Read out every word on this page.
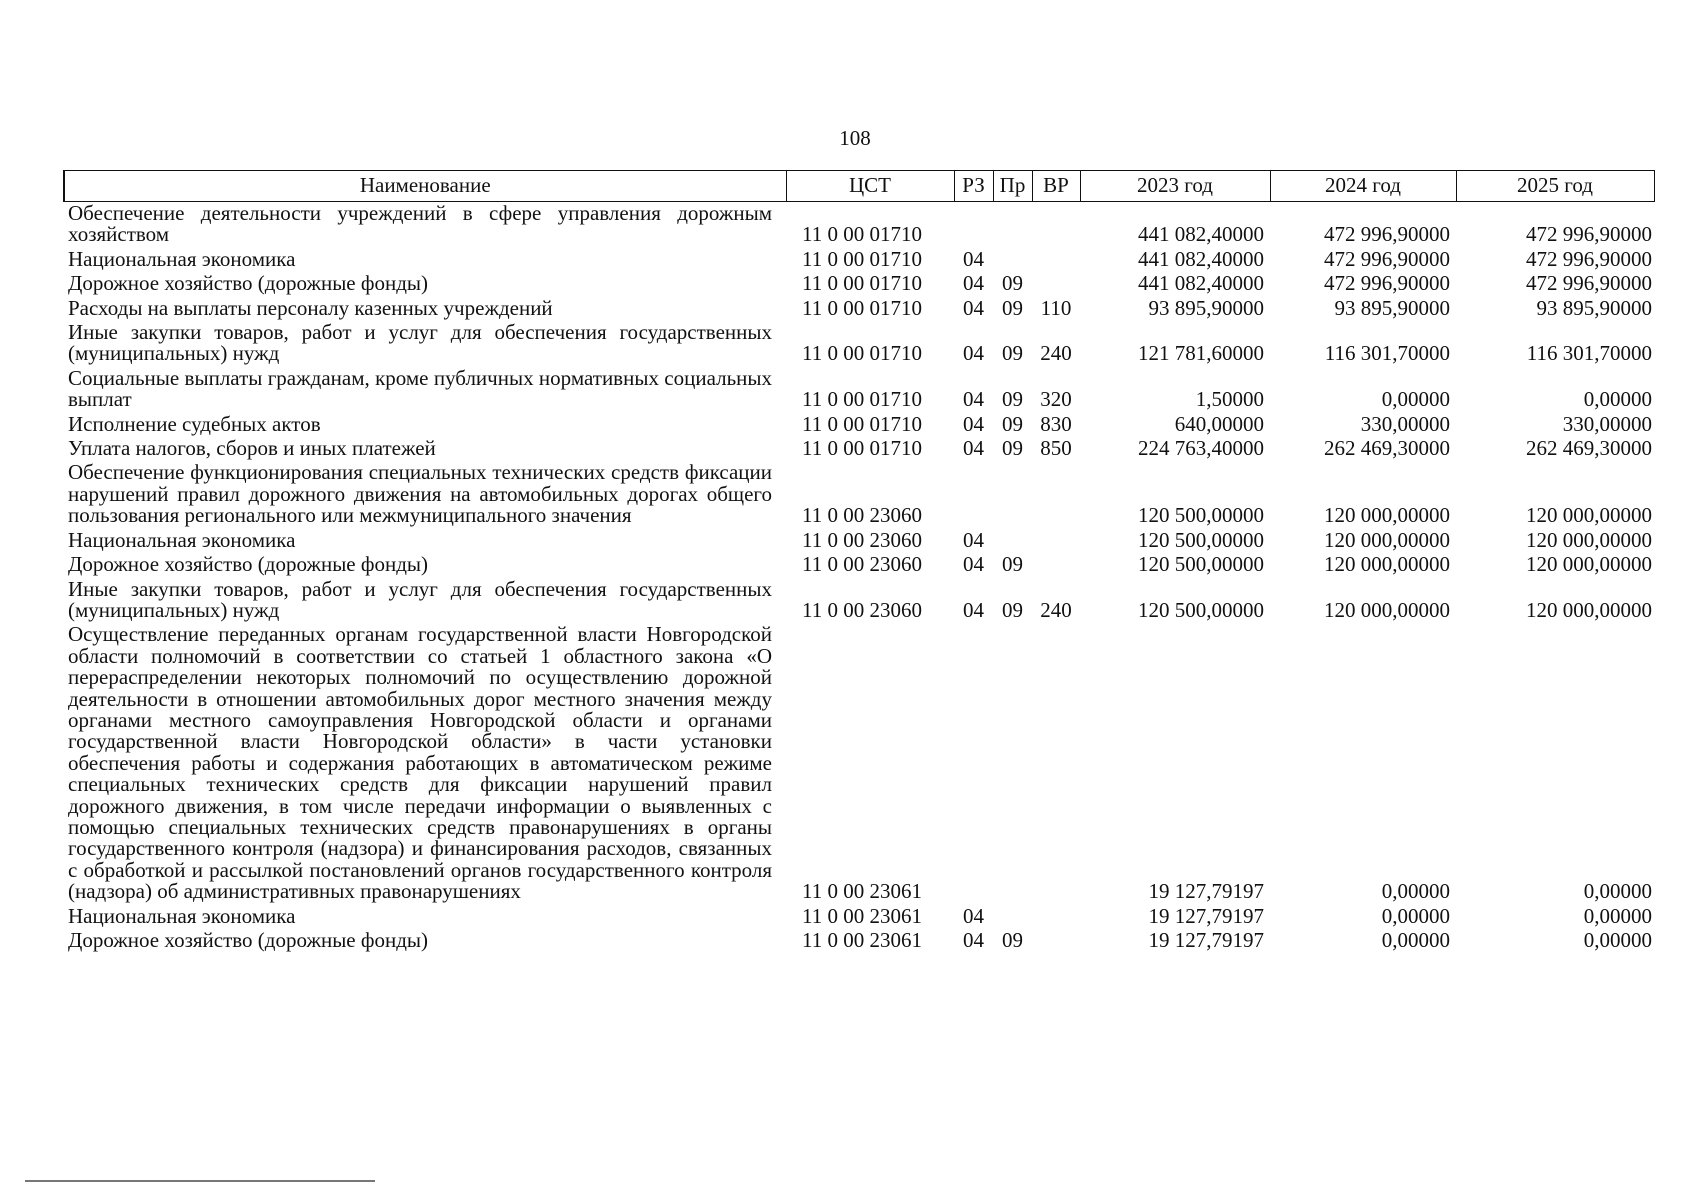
108
Наименование	ЦСТ	РЗ	Пр	ВР	2023 год	2024 год	2025 год

Обеспечение деятельности учреждений в сфере управления дорожным хозяйством	11 0 00 01710				441 082,40000	472 996,90000	472 996,90000

Национальная экономика	11 0 00 01710	04			441 082,40000	472 996,90000	472 996,90000

Дорожное хозяйство (дорожные фонды)	11 0 00 01710	04	09		441 082,40000	472 996,90000	472 996,90000

Расходы на выплаты персоналу казенных учреждений	11 0 00 01710	04	09	110	93 895,90000	93 895,90000	93 895,90000

Иные закупки товаров, работ и услуг для обеспечения государственных (муниципальных) нужд	11 0 00 01710	04	09	240	121 781,60000	116 301,70000	116 301,70000

Социальные выплаты гражданам, кроме публичных нормативных социальных выплат	11 0 00 01710	04	09	320	1,50000	0,00000	0,00000

Исполнение судебных актов	11 0 00 01710	04	09	830	640,00000	330,00000	330,00000

Уплата налогов, сборов и иных платежей	11 0 00 01710	04	09	850	224 763,40000	262 469,30000	262 469,30000

Обеспечение функционирования специальных технических средств фиксации нарушений правил дорожного движения на автомобильных дорогах общего пользования регионального или межмуниципального значения	11 0 00 23060				120 500,00000	120 000,00000	120 000,00000

Национальная экономика	11 0 00 23060	04			120 500,00000	120 000,00000	120 000,00000

Дорожное хозяйство (дорожные фонды)	11 0 00 23060	04	09		120 500,00000	120 000,00000	120 000,00000

Иные закупки товаров, работ и услуг для обеспечения государственных (муниципальных) нужд	11 0 00 23060	04	09	240	120 500,00000	120 000,00000	120 000,00000

Осуществление переданных органам государственной власти Новгородской области полномочий в соответствии со статьей 1 областного закона «О перераспределении некоторых полномочий по осуществлению дорожной деятельности в отношении автомобильных дорог местного значения между органами местного самоуправления Новгородской области и органами государственной власти Новгородской области» в части установки обеспечения работы и содержания работающих в автоматическом режиме специальных технических средств для фиксации нарушений правил дорожного движения, в том числе передачи информации о выявленных с помощью специальных технических средств правонарушениях в органы государственного контроля (надзора) и финансирования расходов, связанных с обработкой и рассылкой постановлений органов государственного контроля (надзора) об административных правонарушениях	11 0 00 23061				19 127,79197	0,00000	0,00000

Национальная экономика	11 0 00 23061	04			19 127,79197	0,00000	0,00000

Дорожное хозяйство (дорожные фонды)	11 0 00 23061	04	09		19 127,79197	0,00000	0,00000
